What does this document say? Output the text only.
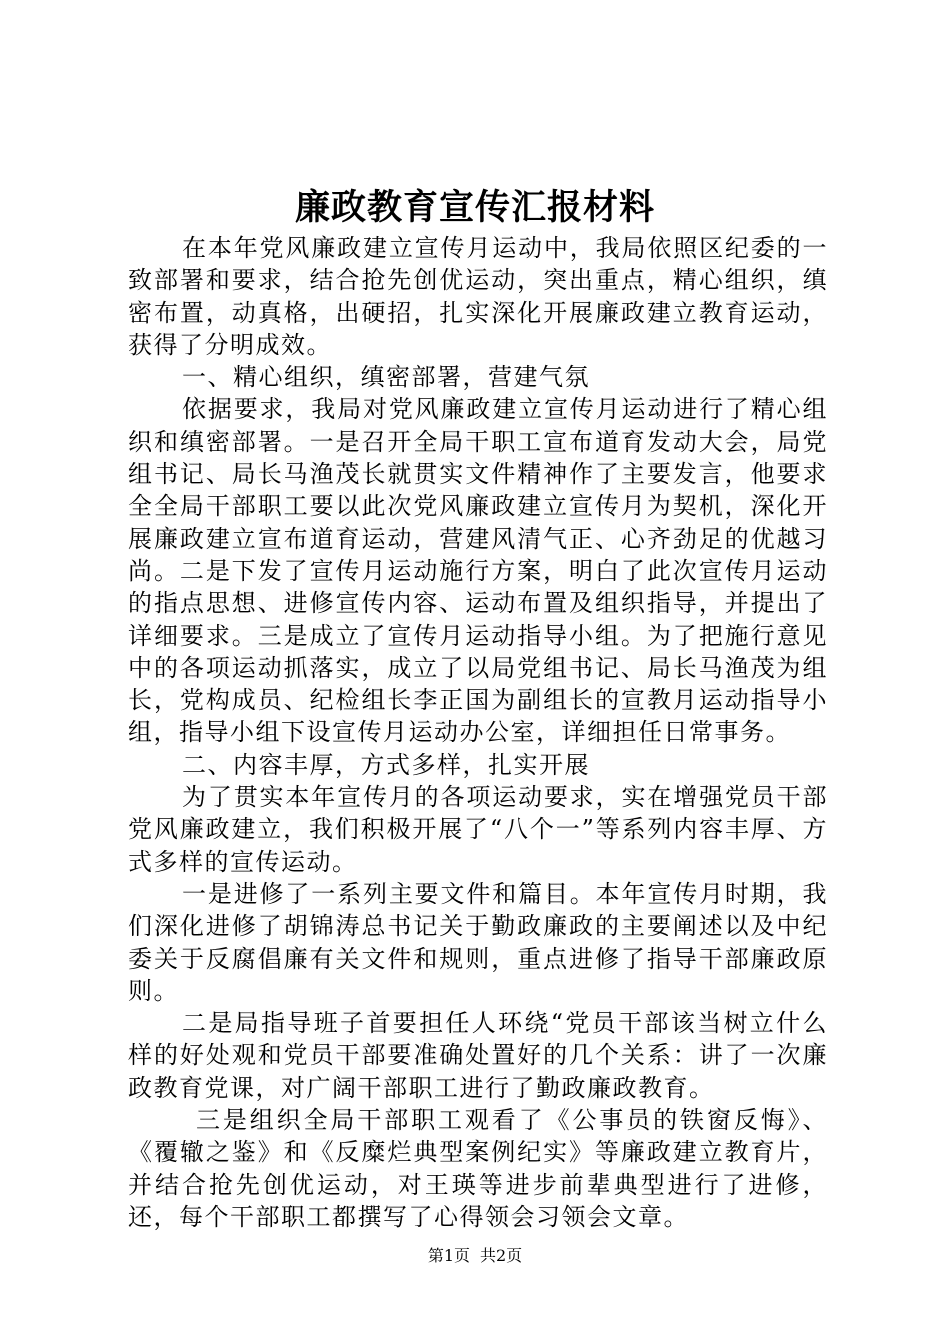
廉政教育宣传汇报材料

在本年党风廉政建立宣传月运动中，我局依照区纪委的一致部署和要求，结合抢先创优运动，突出重点，精心组织，缜密布置，动真格，出硬招，扎实深化开展廉政建立教育运动，获得了分明成效。

一、精心组织，缜密部署，营建气氛

依据要求，我局对党风廉政建立宣传月运动进行了精心组织和缜密部署。一是召开全局干职工宣布道育发动大会，局党组书记、局长马渔茂长就贯实文件精神作了主要发言，他要求全全局干部职工要以此次党风廉政建立宣传月为契机，深化开展廉政建立宣布道育运动，营建风清气正、心齐劲足的优越习尚。二是下发了宣传月运动施行方案，明白了此次宣传月运动的指点思想、进修宣传内容、运动布置及组织指导，并提出了详细要求。三是成立了宣传月运动指导小组。为了把施行意见中的各项运动抓落实，成立了以局党组书记、局长马渔茂为组长，党构成员、纪检组长李正国为副组长的宣教月运动指导小组，指导小组下设宣传月运动办公室，详细担任日常事务。

二、内容丰厚，方式多样，扎实开展

为了贯实本年宣传月的各项运动要求，实在增强党员干部党风廉政建立，我们积极开展了“八个一”等系列内容丰厚、方式多样的宣传运动。

一是进修了一系列主要文件和篇目。本年宣传月时期，我们深化进修了胡锦涛总书记关于勤政廉政的主要阐述以及中纪委关于反腐倡廉有关文件和规则，重点进修了指导干部廉政原则。

二是局指导班子首要担任人环绕“党员干部该当树立什么样的好处观和党员干部要准确处置好的几个关系：讲了一次廉政教育党课，对广阔干部职工进行了勤政廉政教育。

三是组织全局干部职工观看了《公事员的铁窗反悔》、《覆辙之鉴》和《反糜烂典型案例纪实》等廉政建立教育片，并结合抢先创优运动，对王瑛等进步前辈典型进行了进修，还，每个干部职工都撰写了心得领会习领会文章。

第1页 共2页
